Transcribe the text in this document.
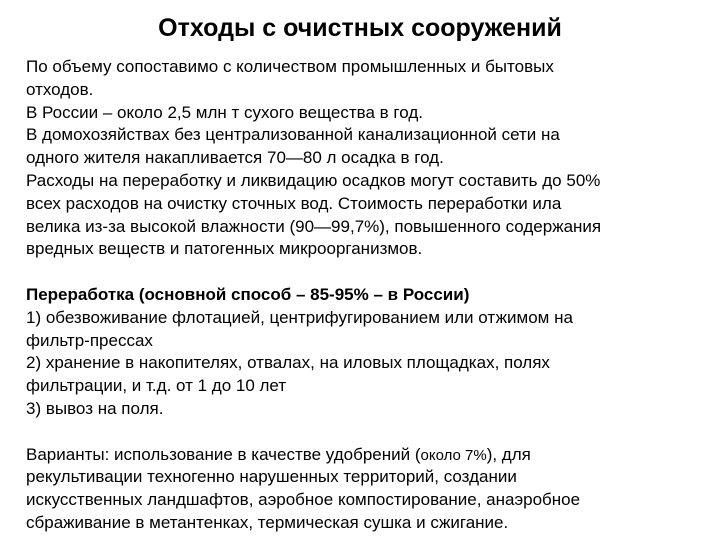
Отходы с очистных сооружений
По объему сопоставимо с количеством промышленных и бытовых
отходов.
В России – около 2,5 млн т сухого вещества в год.
В домохозяйствах без централизованной канализационной сети на
одного жителя накапливается 70—80 л осадка в год.
Расходы на переработку и ликвидацию осадков могут составить до 50%
всех расходов на очистку сточных вод. Стоимость переработки ила
велика из-за высокой влажности (90—99,7%), повышенного содержания
вредных веществ и патогенных микроорганизмов.
Переработка (основной способ – 85-95% – в России)
1) обезвоживание флотацией, центрифугированием или отжимом на
фильтр-прессах
2) хранение в накопителях, отвалах, на иловых площадках, полях
фильтрации, и т.д. от 1 до 10 лет
3) вывоз на поля.
Варианты: использование в качестве удобрений (около 7%), для
рекультивации техногенно нарушенных территорий, создании
искусственных ландшафтов, аэробное компостирование, анаэробное
сбраживание в метантенках, термическая сушка и сжигание.
